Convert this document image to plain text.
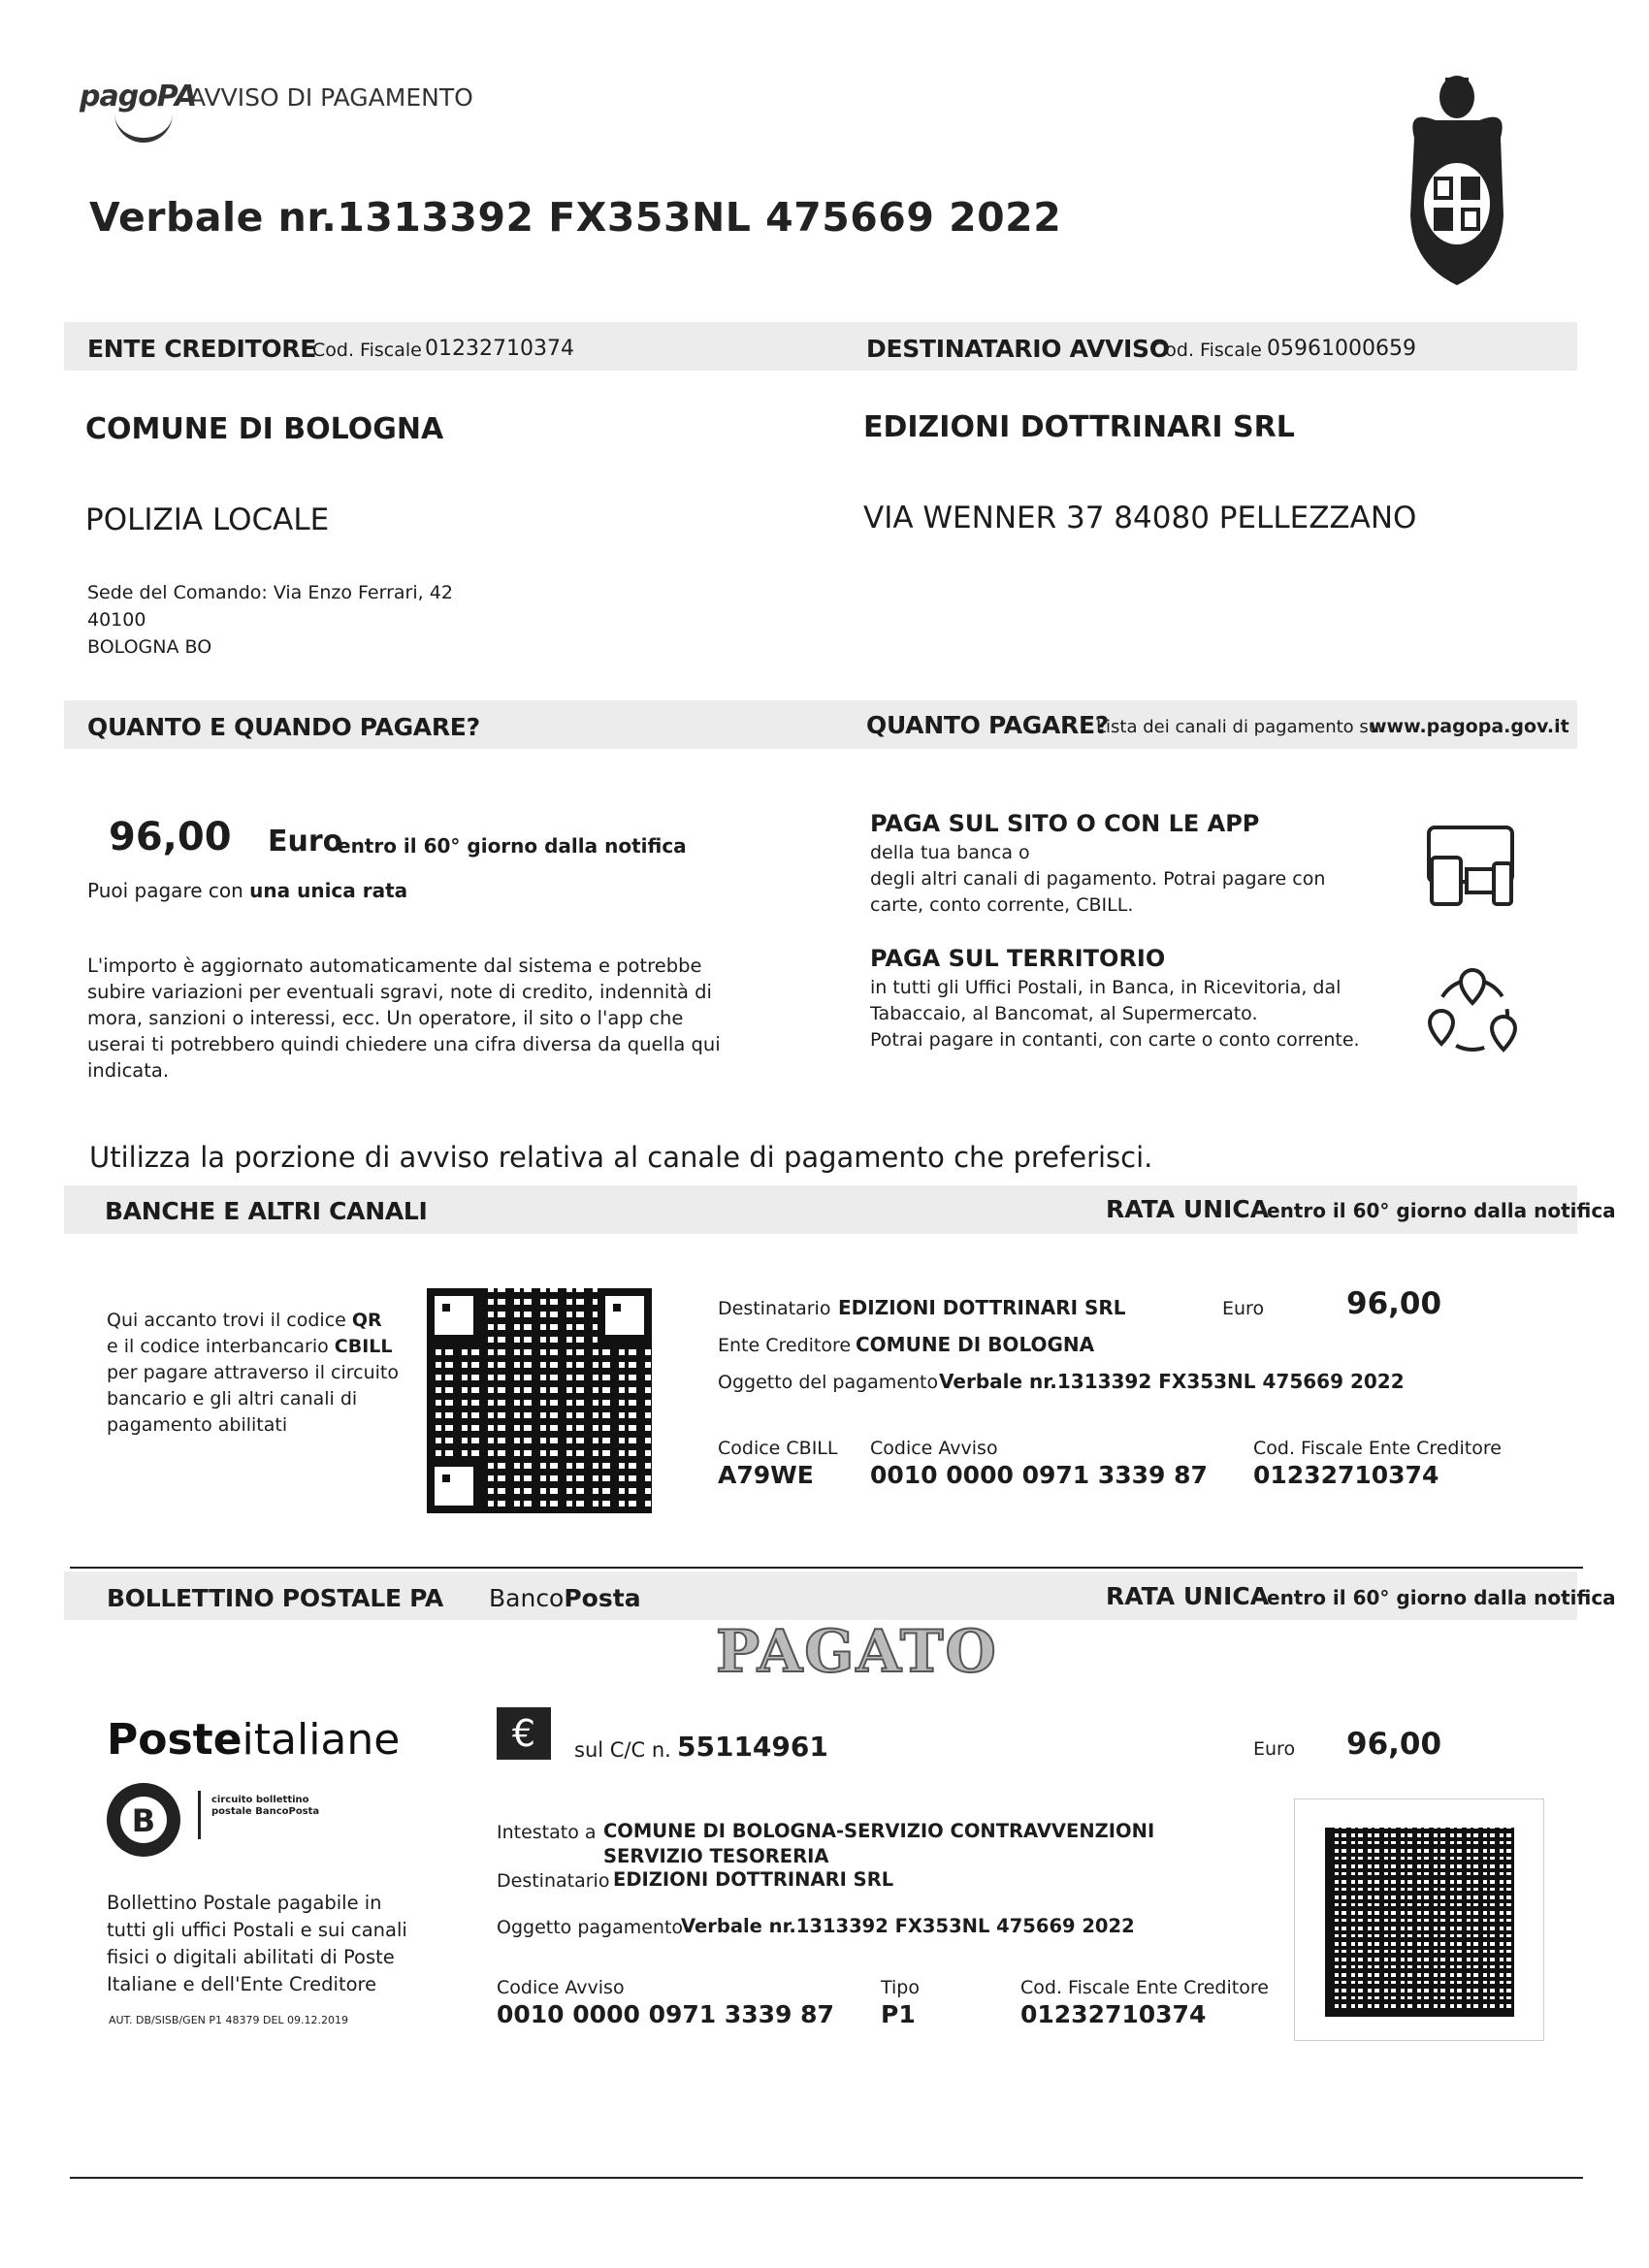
pagoPA
AVVISO DI PAGAMENTO
Verbale nr.1313392 FX353NL 475669 2022
ENTE CREDITORE
Cod. Fiscale 01232710374	DESTINATARIO AVVISO
Cod. Fiscale 05961000659
COMUNE DI BOLOGNA
POLIZIA LOCALE
Sede del Comando: Via Enzo Ferrari, 42
40100
BOLOGNA BO
EDIZIONI DOTTRINARI SRL
VIA WENNER 37 84080 PELLEZZANO
QUANTO E QUANDO PAGARE?	QUANTO PAGARE?
Lista dei canali di pagamento su
www.pagopa.gov.it
96,00 Euro
entro il 60° giorno dalla notifica
Puoi pagare con una unica rata
L'importo è aggiornato automaticamente dal sistema e potrebbe subire variazioni per eventuali sgravi, note di credito, indennità di mora, sanzioni o interessi, ecc. Un operatore, il sito o l'app che userai ti potrebbero quindi chiedere una cifra diversa da quella qui indicata.
PAGA SUL SITO O CON LE APP
della tua banca o
degli altri canali di pagamento. Potrai pagare con
carte, conto corrente, CBILL.
PAGA SUL TERRITORIO
in tutti gli Uffici Postali, in Banca, in Ricevitoria, dal
Tabaccaio, al Bancomat, al Supermercato.
Potrai pagare in contanti, con carte o conto corrente.
Utilizza la porzione di avviso relativa al canale di pagamento che preferisci.
BANCHE E ALTRI CANALI	RATA UNICA
entro il 60° giorno dalla notifica
Qui accanto trovi il codice QR
e il codice interbancario CBILL
per pagare attraverso il circuito
bancario e gli altri canali di
pagamento abilitati
Destinatario EDIZIONI DOTTRINARI SRL	Euro	96,00
Ente Creditore COMUNE DI BOLOGNA
Oggetto del pagamento Verbale nr.1313392 FX353NL 475669 2022
Codice CBILL
A79WE
Codice Avviso
0010 0000 0971 3339 87
Cod. Fiscale Ente Creditore
01232710374
BOLLETTINO POSTALE PA BancoPosta	RATA UNICA
entro il 60° giorno dalla notifica
PAGATO
Posteitaliane
B
circuito bollettino postale BancoPosta
Bollettino Postale pagabile in tutti gli uffici Postali e sui canali fisici o digitali abilitati di Poste Italiane e dell'Ente Creditore
AUT. DB/SISB/GEN P1 48379 DEL 09.12.2019
€	sul C/C n. 55114961	Euro 96,00
Intestato a COMUNE DI BOLOGNA-SERVIZIO CONTRAVVENZIONI
SERVIZIO TESORERIA
Destinatario EDIZIONI DOTTRINARI SRL
Oggetto pagamento
Verbale nr.1313392 FX353NL 475669 2022
Codice Avviso
0010 0000 0971 3339 87
Tipo
P1
Cod. Fiscale Ente Creditore
01232710374
